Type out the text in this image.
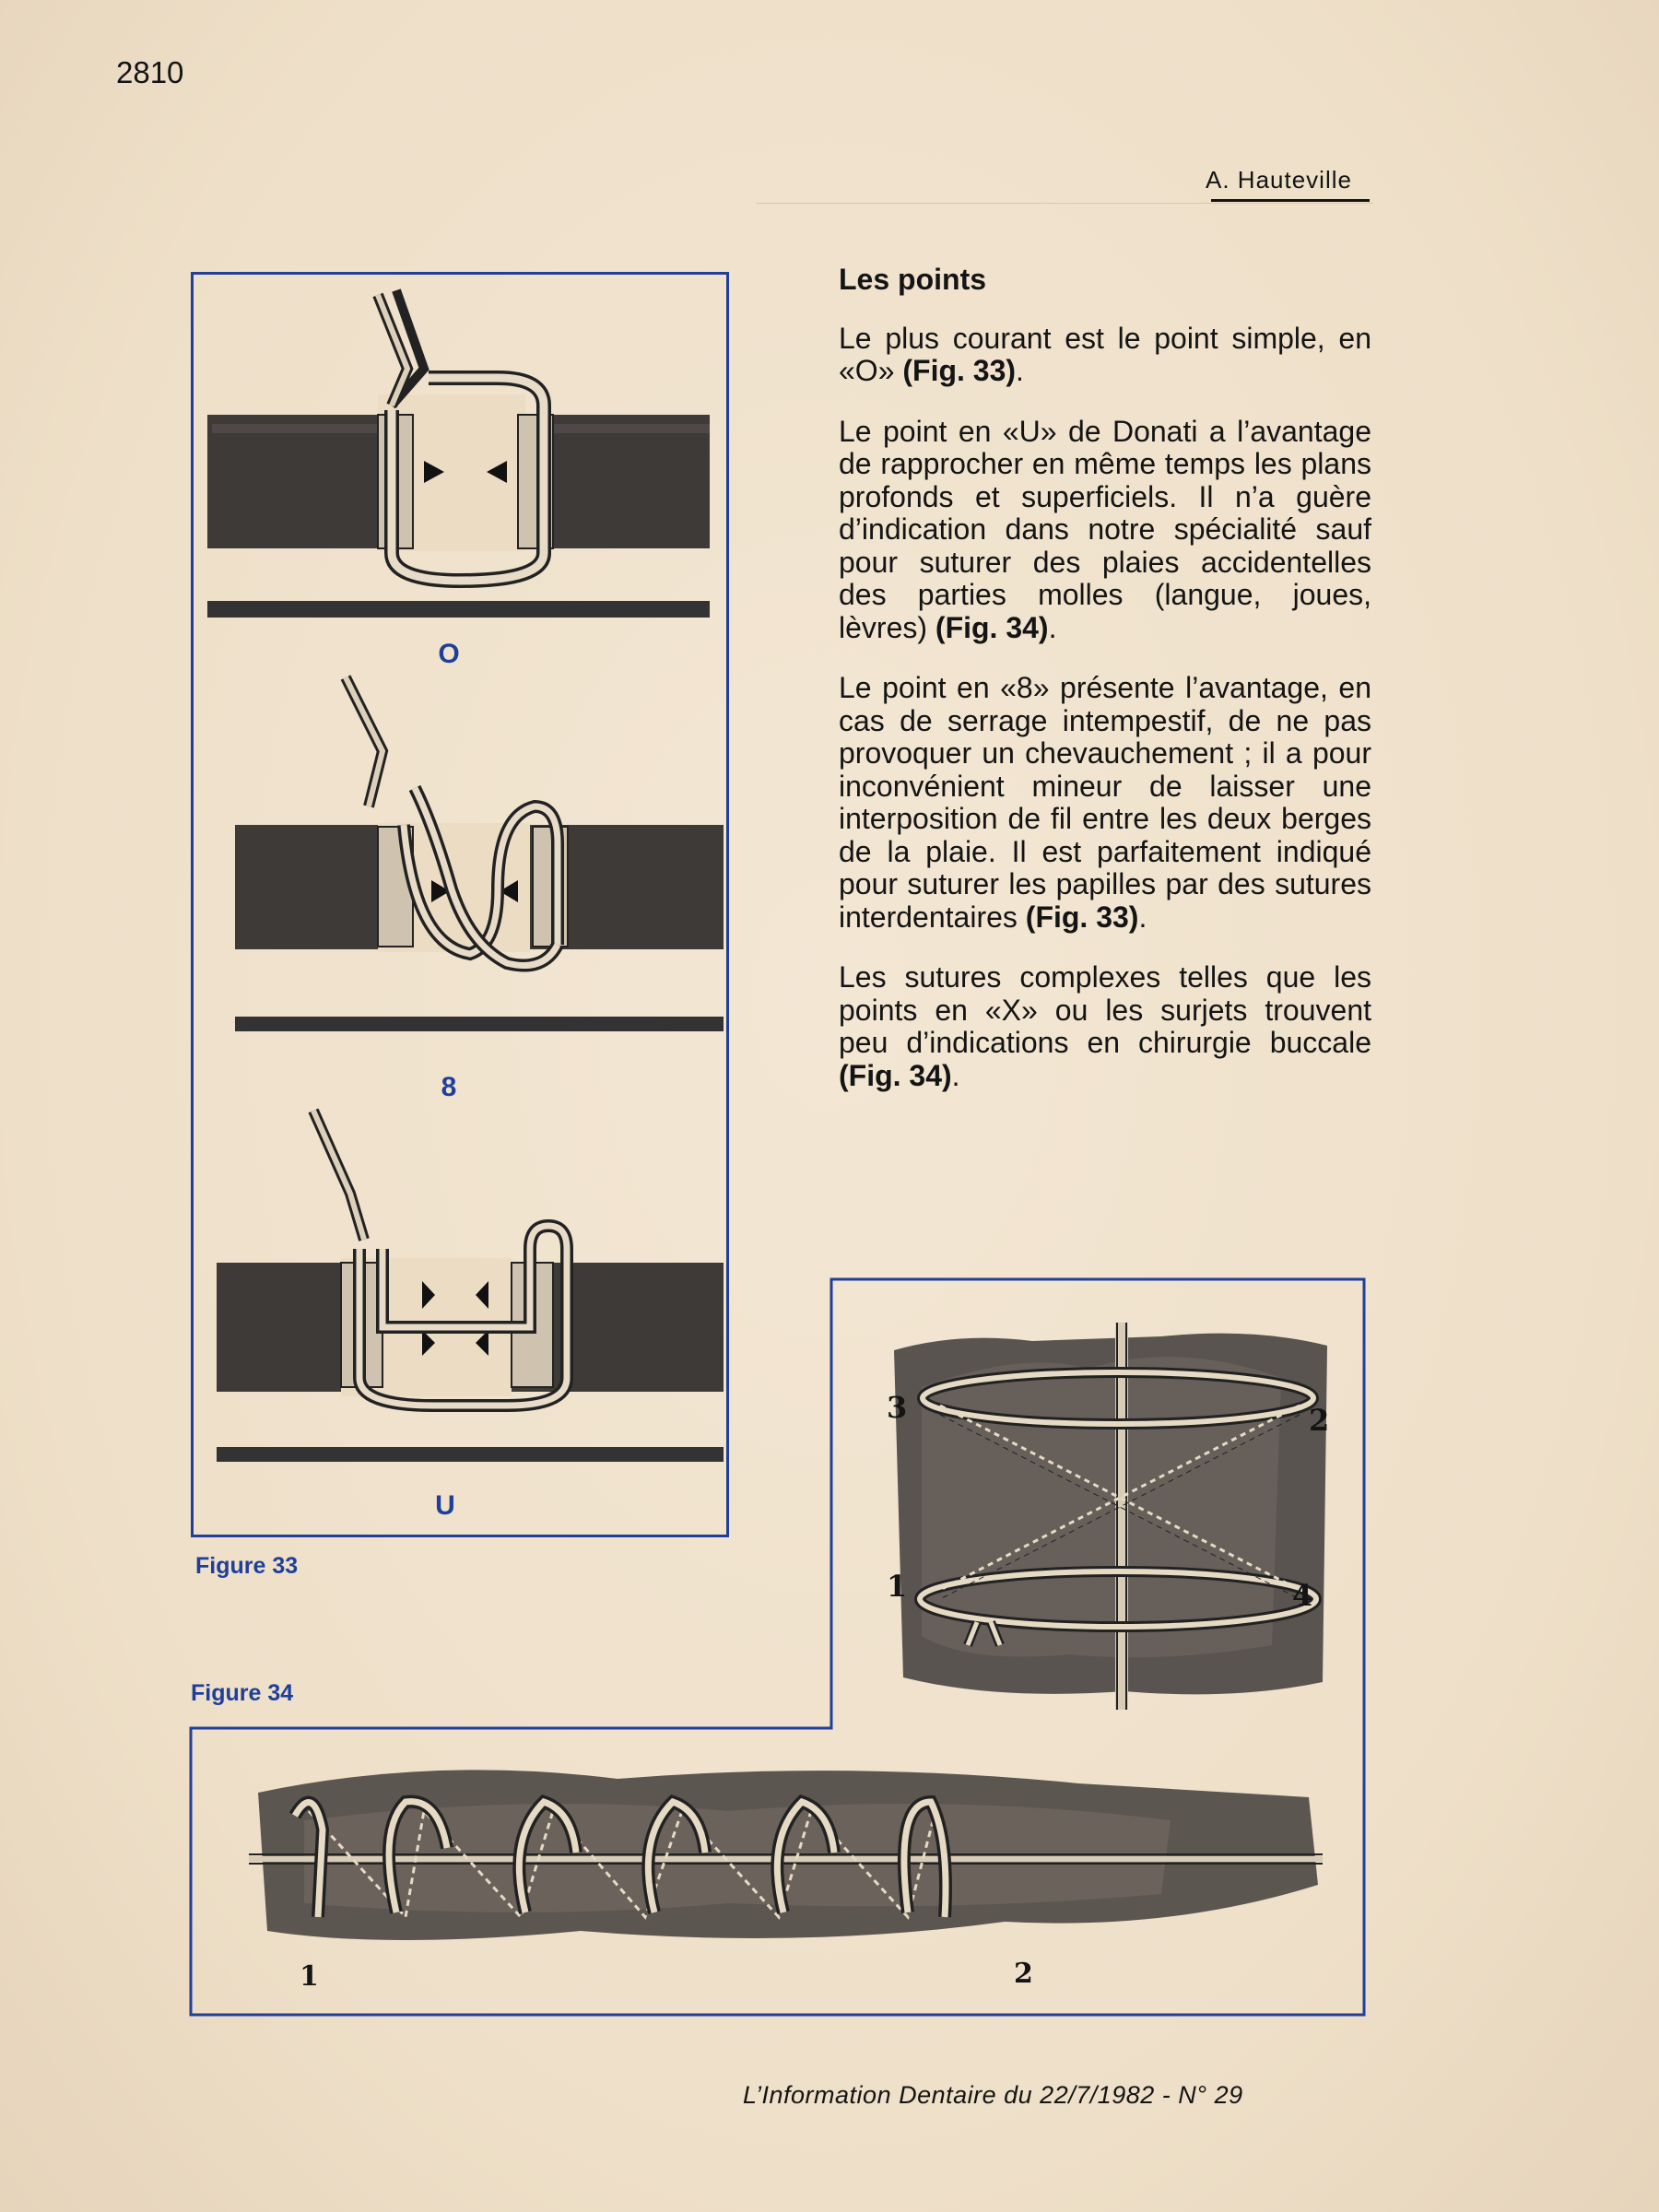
2810
A. Hauteville
Les points

Le plus courant est le point simple, en «O» (Fig. 33).

Le point en «U» de Donati a l’avantage de rapprocher en même temps les plans profonds et superficiels. Il n’a guère d’indication dans notre spécialité sauf pour suturer des plaies accidentelles des parties molles (langue, joues, lèvres) (Fig. 34).

Le point en «8» présente l’avantage, en cas de serrage intempestif, de ne pas provoquer un chevauchement ; il a pour inconvénient mineur de laisser une interposition de fil entre les deux berges de la plaie. Il est parfaitement indiqué pour suturer les papilles par des sutures interdentaires (Fig. 33).

Les sutures complexes telles que les points en «X» ou les surjets trouvent peu d’indications en chirurgie buccale (Fig. 34).

O
8
U
Figure 33
Figure 34
3	2
1	4
1	2
L’Information Dentaire du 22/7/1982 - N° 29
